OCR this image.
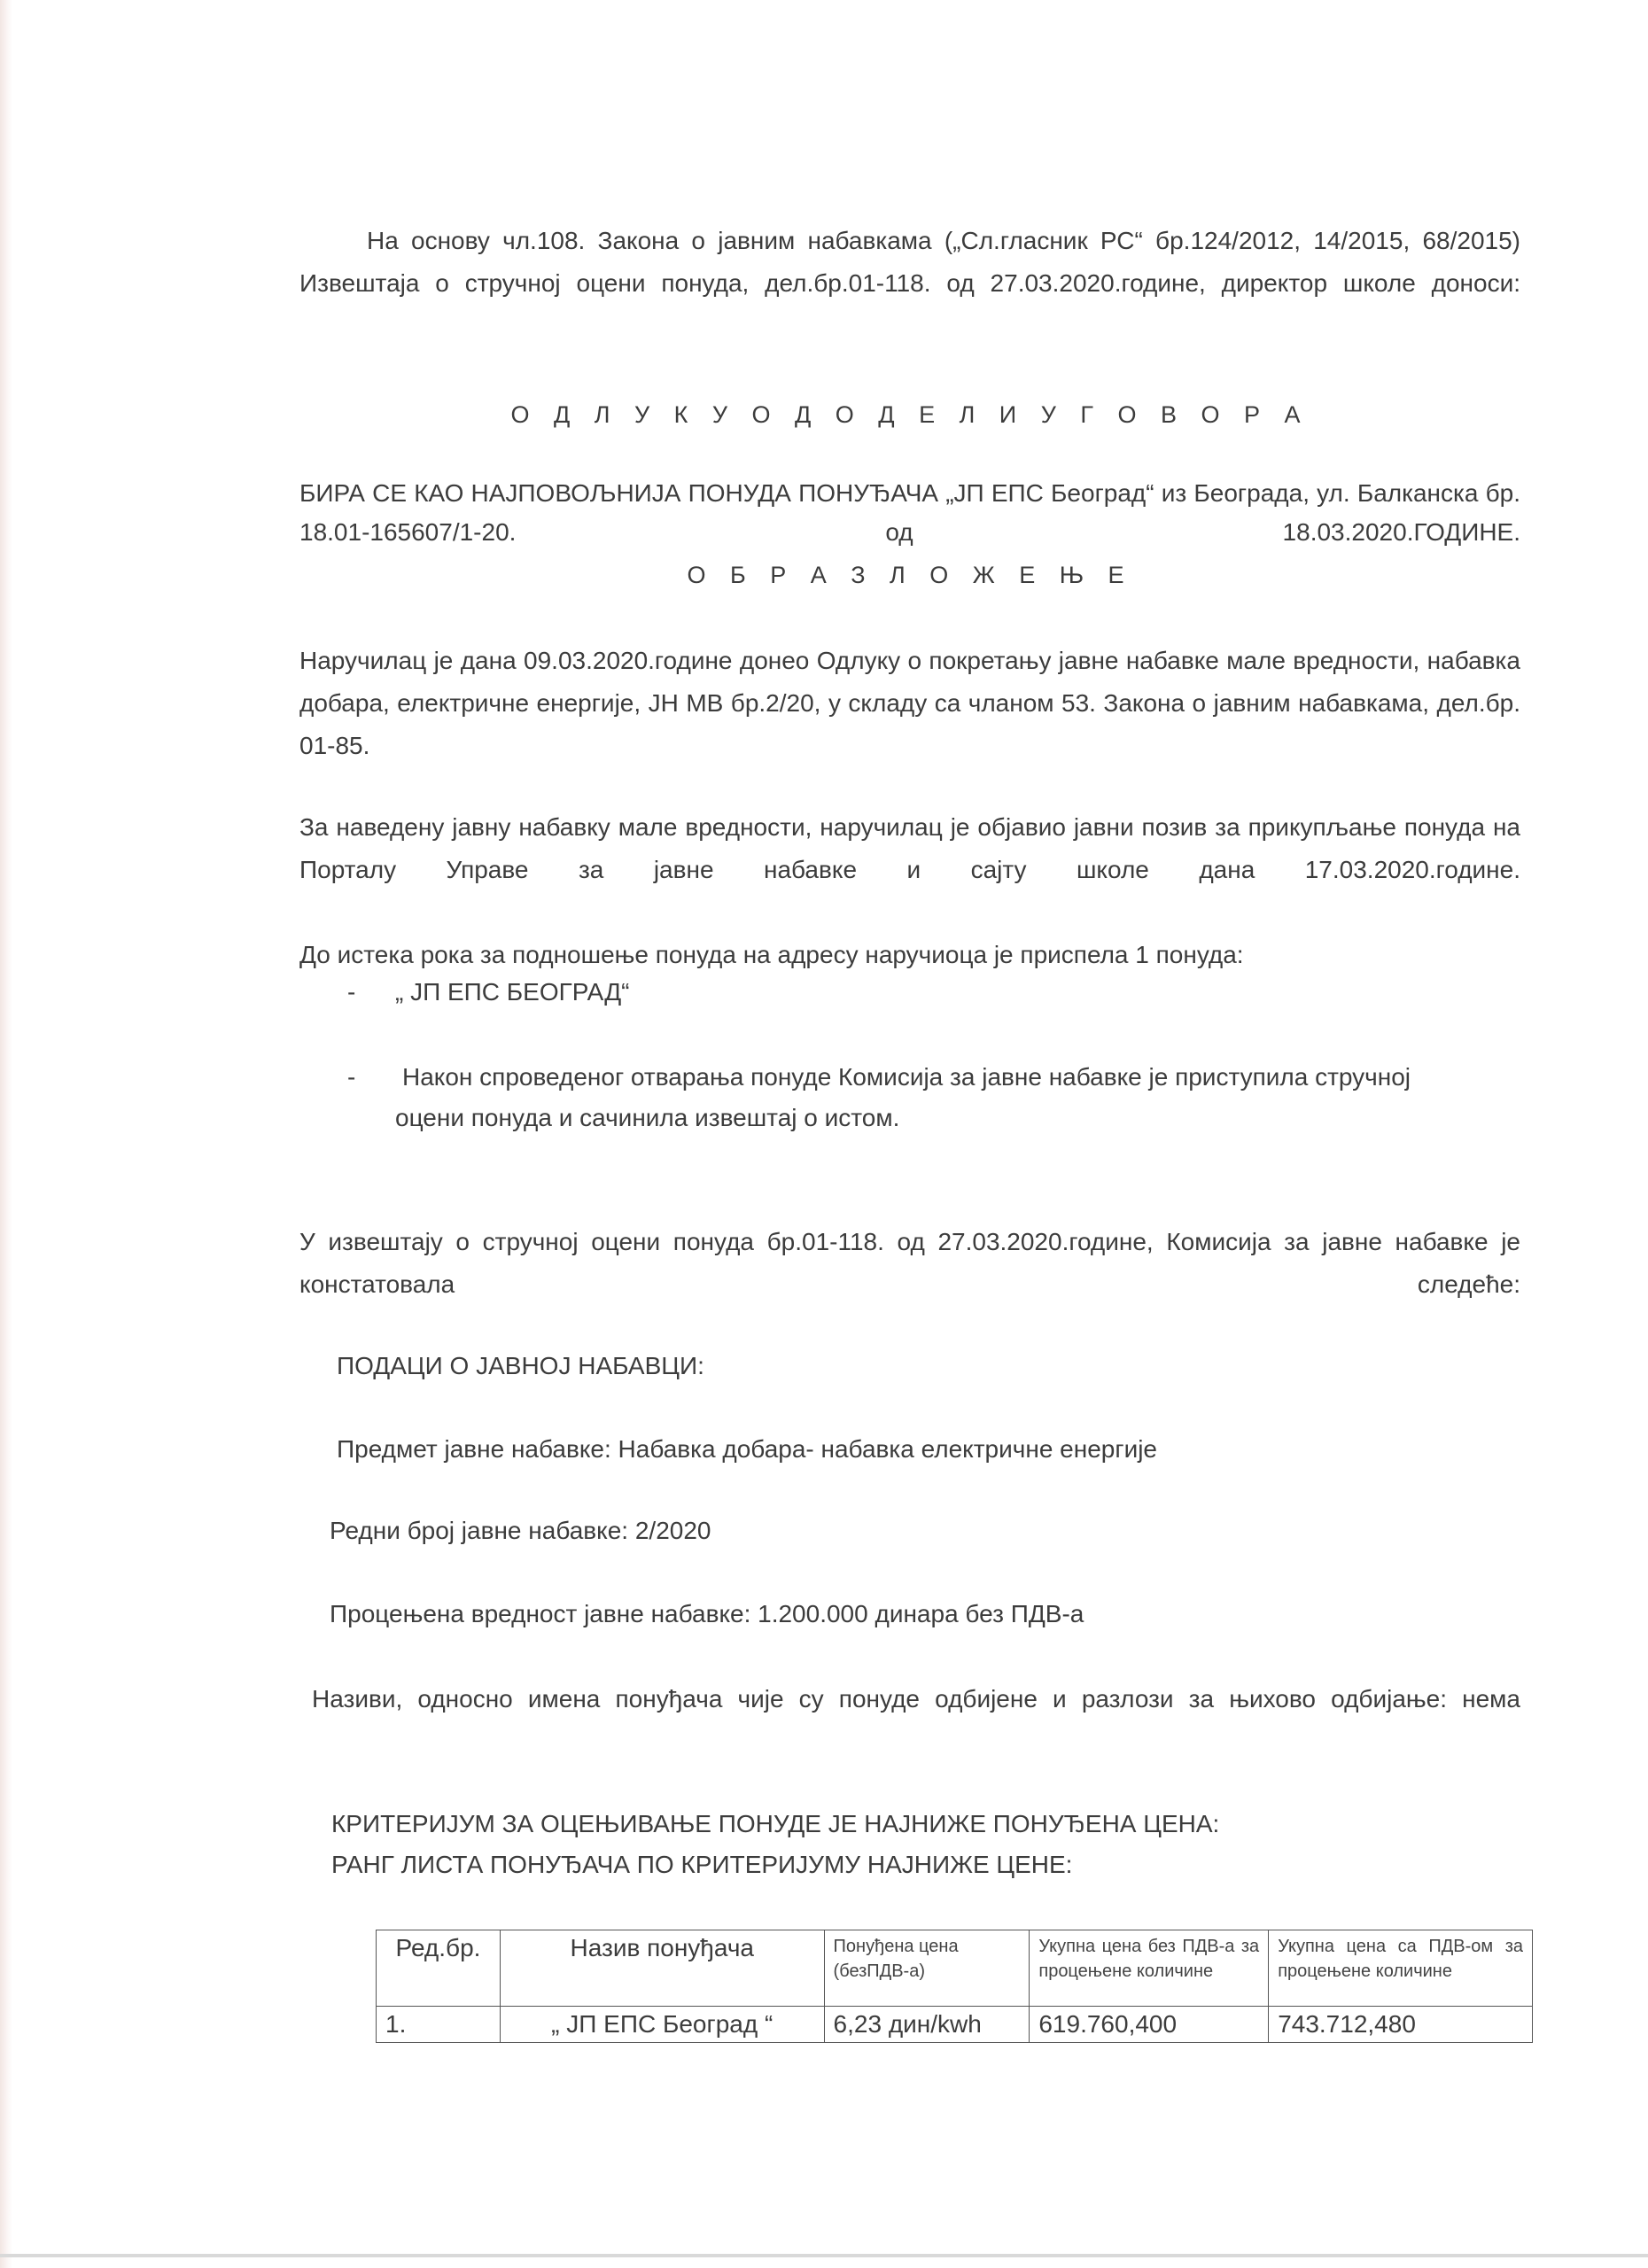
На основу чл.108. Закона о јавним набавкама („Сл.гласник РС“ бр.124/2012, 14/2015, 68/2015) Извештаја о стручној оцени понуда, дел.бр.01-118. од 27.03.2020.године, директор школе доноси:

О Д Л У К У О Д О Д Е Л И У Г О В О Р А

БИРА СЕ КАО НАЈПОВОЉНИЈА ПОНУДА ПОНУЂАЧА „ЈП ЕПС Београд“ из Београда, ул. Балканска бр. 18.01-165607/1-20. од 18.03.2020.ГОДИНЕ.

О Б Р А З Л О Ж Е Њ Е

Наручилац је дана 09.03.2020.године донео Одлуку о покретању јавне набавке мале вредности, набавка добара, електричне енергије, ЈН МВ бр.2/20, у складу са чланом 53. Закона о јавним набавкама, дел.бр. 01-85.

За наведену јавну набавку мале вредности, наручилац је објавио јавни позив за прикупљање понуда на Порталу Управе за јавне набавке и сајту школе дана 17.03.2020.године.

До истека рока за подношење понуда на адресу наручиоца је приспела 1 понуда:

- „ ЈП ЕПС БЕОГРАД“

- Након спроведеног отварања понуде Комисија за јавне набавке је приступила стручној

оцени понуда и сачинила извештај о истом.

У извештају о стручној оцени понуда бр.01-118. од 27.03.2020.године, Комисија за јавне набавке је констатовала следеће:

ПОДАЦИ О ЈАВНОЈ НАБАВЦИ:

Предмет јавне набавке: Набавка добара- набавка електричне енергије

Редни број јавне набавке: 2/2020

Процењена вредност јавне набавке: 1.200.000 динара без ПДВ-а

Називи, односно имена понуђача чије су понуде одбијене и разлози за њихово одбијање: нема

КРИТЕРИЈУМ ЗА ОЦЕЊИВАЊЕ ПОНУДЕ ЈЕ НАЈНИЖЕ ПОНУЂЕНА ЦЕНА:

РАНГ ЛИСТА ПОНУЂАЧА ПО КРИТЕРИЈУМУ НАЈНИЖЕ ЦЕНЕ:

Ред.бр.	Назив понуђача	Понуђена цена (безПДВ-а)	Укупна цена без ПДВ-а за процењене количине	Укупна цена са ПДВ-ом за процењене количине
1.	„ ЈП ЕПС Београд “	6,23 дин/kwh	619.760,400	743.712,480
